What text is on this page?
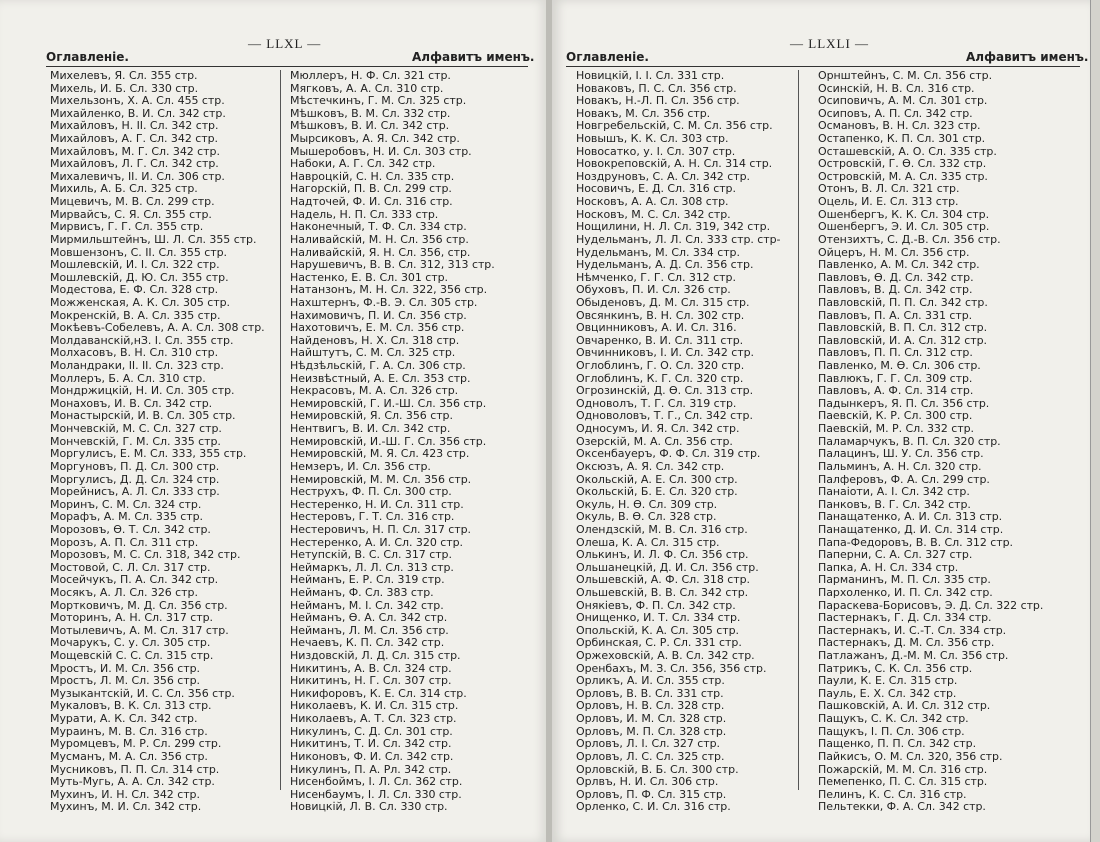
— LLXL —
Оглавленіе.	Алфавитъ именъ.
Михелевъ, Я. Сл. 355 стр.
Михель, И. Б. Сл. 330 стр.
Михельзонъ, Х. А. Сл. 455 стр.
Михайленко, В. И. Сл. 342 стр.
Михайловъ, Н. II. Сл. 342 стр.
Михайловъ, А. Г. Сл. 342 стр.
Михайловъ, М. Г. Сл. 342 стр.
Михайловъ, Л. Г. Сл. 342 стр.
Михалевичъ, II. И. Сл. 306 стр.
Михиль, А. Б. Сл. 325 стр.
Мицевичъ, М. В. Сл. 299 стр.
Мирвайсъ, С. Я. Сл. 355 стр.
Мирвисъ, Г. Г. Сл. 355 стр.
Мирмильштейнъ, Ш. Л. Сл. 355 стр.
Мовшензонъ, С. II. Сл. 355 стр.
Мошлевскій, И. І. Сл. 322 стр.
Мошлевскій, Д. Ю. Сл. 355 стр.
Модестова, Е. Ф. Сл. 328 стр.
Можженская, А. К. Сл. 305 стр.
Мокренскій, В. А. Сл. 335 стр.
Мокѣевъ-Собелевъ, А. А. Сл. 308 стр.
Молдаванскій,нЗ. І. Сл. 355 стр.
Молхасовъ, В. Н. Сл. 310 стр.
Моландраки, II. II. Сл. 323 стр.
Моллеръ, Б. А. Сл. 310 стр.
Мондржицкій, Н. И. Сл. 305 стр.
Монаховъ, И. В. Сл. 342 стр.
Монастырскій, И. В. Сл. 305 стр.
Мончевскій, М. С. Сл. 327 стр.
Мончевскій, Г. М. Сл. 335 стр.
Моргулисъ, Е. М. Сл. 333, 355 стр.
Моргуновъ, П. Д. Сл. 300 стр.
Моргулисъ, Д. Д. Сл. 324 стр.
Морейнисъ, А. Л. Сл. 333 стр.
Моринъ, С. М. Сл. 324 стр.
Морафъ, А. М. Сл. 335 стр.
Морозовъ, Ѳ. Т. Сл. 342 стр.
Морозъ, А. П. Сл. 311 стр.
Морозовъ, М. С. Сл. 318, 342 стр.
Мостовой, С. Л. Сл. 317 стр.
Мосейчукъ, П. А. Сл. 342 стр.
Мосякъ, А. Л. Сл. 326 стр.
Мортковичъ, М. Д. Сл. 356 стр.
Моторинъ, А. Н. Сл. 317 стр.
Мотылевичъ, А. М. Сл. 317 стр.
Мочарукъ, С. у. Сл. 305 стр.
Мощевскій С. С. Сл. 315 стр.
Мростъ, И. М. Сл. 356 стр.
Мростъ, Л. М. Сл. 356 стр.
Музыкантскій, И. С. Сл. 356 стр.
Мукаловъ, В. К. Сл. 313 стр.
Мурати, А. К. Сл. 342 стр.
Мураинъ, М. В. Сл. 316 стр.
Муромцевъ, М. Р. Сл. 299 стр.
Мусманъ, М. А. Сл. 356 стр.
Мусниковъ, П. П. Сл. 314 стр.
Муть-Мугь, А. А. Сл. 342 стр.
Мухинъ, И. Н. Сл. 342 стр.
Мухинъ, М. И. Сл. 342 стр.
Мюллеръ, Н. Ф. Сл. 321 стр.
Мягковъ, А. А. Сл. 310 стр.
Мѣстечкинъ, Г. М. Сл. 325 стр.
Мѣшковъ, В. М. Сл. 332 стр.
Мѣшковъ, В. И. Сл. 342 стр.
Мырсиковъ, А. Я. Сл. 342 стр.
Мышеробовъ, Н. И. Сл. 303 стр.
Набоки, А. Г. Сл. 342 стр.
Навроцкій, С. Н. Сл. 335 стр.
Нагорскій, П. В. Сл. 299 стр.
Надточей, Ф. И. Сл. 316 стр.
Надель, Н. П. Сл. 333 стр.
Наконечный, Т. Ф. Сл. 334 стр.
Наливайскій, М. Н. Сл. 356 стр.
Наливайскій, Я. Н. Сл. 356, стр.
Нарушевичъ, В. В. Сл. 312, 313 стр.
Настенко, Е. В. Сл. 301 стр.
Натанзонъ, М. Н. Сл. 322, 356 стр.
Нахштернъ, Ф.-В. Э. Сл. 305 стр.
Нахимовичъ, П. И. Сл. 356 стр.
Нахотовичъ, Е. М. Сл. 356 стр.
Найденовъ, Н. Х. Сл. 318 стр.
Найштутъ, С. М. Сл. 325 стр.
Нѣдзѣльскій, Г. А. Сл. 306 стр.
Неизвѣстный, А. Е. Сл. 353 стр.
Некрасовъ, М. А. Сл. 326 стр.
Немировскій, Г. И.-Ш. Сл. 356 стр.
Немировскій, Я. Сл. 356 стр.
Нентвигъ, В. И. Сл. 342 стр.
Немировскій, И.-Ш. Г. Сл. 356 стр.
Немировскій, М. Я. Сл. 423 стр.
Немзеръ, И. Сл. 356 стр.
Немировскій, М. М. Сл. 356 стр.
Неструхъ, Ф. П. Сл. 300 стр.
Нестеренко, Н. И. Сл. 311 стр.
Нестеровъ, Г. Т. Сл. 316 стр.
Нестеровичъ, Н. П. Сл. 317 стр.
Нестеренко, А. И. Сл. 320 стр.
Нетупскій, В. С. Сл. 317 стр.
Неймаркъ, Л. Л. Сл. 313 стр.
Нейманъ, Е. Р. Сл. 319 стр.
Нейманъ, Ф. Сл. 383 стр.
Нейманъ, М. І. Сл. 342 стр.
Нейманъ, Ѳ. А. Сл. 342 стр.
Нейманъ, Л. М. Сл. 356 стр.
Нечаевъ, К. П. Сл. 342 стр.
Низдовскій, Л. Д. Сл. 315 стр.
Никитинъ, А. В. Сл. 324 стр.
Никитинъ, Н. Г. Сл. 307 стр.
Никифоровъ, К. Е. Сл. 314 стр.
Николаевъ, К. И. Сл. 315 стр.
Николаевъ, А. Т. Сл. 323 стр.
Никулинъ, С. Д. Сл. 301 стр.
Никитинъ, Т. И. Сл. 342 стр.
Никоновъ, Ф. И. Сл. 342 стр.
Никулинъ, П. А. Рл. 342 стр.
Нисенбоймъ, І. Л. Сл. 362 стр.
Нисенбаумъ, І. Л. Сл. 330 стр.
Новицкій, Л. В. Сл. 330 стр.
— LLXLI —
Оглавленіе.	Алфавитъ именъ.
Новицкій, І. І. Сл. 331 стр.
Новаковъ, П. С. Сл. 356 стр.
Новакъ, Н.-Л. П. Сл. 356 стр.
Новакъ, М. Сл. 356 стр.
Новгребельскій, С. М. Сл. 356 стр.
Новышъ, К. К. Сл. 303 стр.
Новосатко, у. І. Сл. 307 стр.
Новокреповскій, А. Н. Сл. 314 стр.
Ноздруновъ, С. А. Сл. 342 стр.
Носовичъ, Е. Д. Сл. 316 стр.
Носковъ, А. А. Сл. 308 стр.
Носковъ, М. С. Сл. 342 стр.
Нощилини, Н. Л. Сл. 319, 342 стр.
Нудельманъ, Л. Л. Сл. 333 стр. стр-
Нудельманъ, М. Сл. 334 стр.
Нудельманъ, А. Д. Сл. 356 стр.
Нѣмченко, Г. Г. Сл. 312 стр.
Обуховъ, П. И. Сл. 326 стр.
Обыденовъ, Д. М. Сл. 315 стр.
Овсянкинъ, В. Н. Сл. 302 стр.
Овцинниковъ, А. И. Сл. 316.
Овчаренко, В. И. Сл. 311 стр.
Овчинниковъ, І. И. Сл. 342 стр.
Оглоблинъ, Г. О. Сл. 320 стр.
Оглоблинъ, К. Г. Сл. 320 стр.
Огрозинскій, Д. Ѳ. Сл. 313 стр.
Одноволъ, Т. Г. Сл. 319 стр.
Одноволовъ, Т. Г., Сл. 342 стр.
Односумъ, И. Я. Сл. 342 стр.
Озерскій, М. А. Сл. 356 стр.
Оксенбауеръ, Ф. Ф. Сл. 319 стр.
Оксюзъ, А. Я. Сл. 342 стр.
Окольскій, А. Е. Сл. 300 стр.
Окольскій, Б. Е. Сл. 320 стр.
Окуль, Н. Ѳ. Сл. 309 стр.
Окуль, В. Ѳ. Сл. 328 стр.
Олендзскій, М. В. Сл. 316 стр.
Олеша, К. А. Сл. 315 стр.
Олькинъ, И. Л. Ф. Сл. 356 стр.
Ольшанецкій, Д. И. Сл. 356 стр.
Ольшевскій, А. Ф. Сл. 318 стр.
Ольшевскій, В. В. Сл. 342 стр.
Онякіевъ, Ф. П. Сл. 342 стр.
Онищенко, И. Т. Сл. 334 стр.
Опольскій, К. А. Сл. 305 стр.
Орбинская, С. Р. Сл. 331 стр.
Оржеховскій, А. В. Сл. 342 стр.
Оренбахъ, М. З. Сл. 356, 356 стр.
Орликъ, А. И. Сл. 355 стр.
Орловъ, В. В. Сл. 331 стр.
Орловъ, Н. В. Сл. 328 стр.
Орловъ, И. М. Сл. 328 стр.
Орловъ, М. П. Сл. 328 стр.
Орловъ, Л. І. Сл. 327 стр.
Орловъ, Л. С. Сл. 325 стр.
Орловскій, В. Б. Сл. 300 стр.
Орлвъ, Н. И. Сл. 306 стр.
Орловъ, П. Ф. Сл. 315 стр.
Орленко, С. И. Сл. 316 стр.
Орнштейнъ, С. М. Сл. 356 стр.
Осинскій, Н. В. Сл. 316 стр.
Осиповичъ, А. М. Сл. 301 стр.
Осиповъ, А. П. Сл. 342 стр.
Османовъ, В. Н. Сл. 323 стр.
Остапенко, К. П. Сл. 301 стр.
Осташевскій, А. О. Сл. 335 стр.
Островскій, Г. Ѳ. Сл. 332 стр.
Островскій, М. А. Сл. 335 стр.
Отонъ, В. Л. Сл. 321 стр.
Оцель, И. Е. Сл. 313 стр.
Ошенбергъ, К. К. Сл. 304 стр.
Ошенбергъ, Э. И. Сл. 305 стр.
Отензихтъ, С. Д.-В. Сл. 356 стр.
Ойцеръ, Н. М. Сл. 356 стр.
Павленко, А. М. Сл. 342 стр.
Павловъ, Ѳ. Д. Сл. 342 стр.
Павловъ, В. Д. Сл. 342 стр.
Павловскій, П. П. Сл. 342 стр.
Павловъ, П. А. Сл. 331 стр.
Павловскій, В. П. Сл. 312 стр.
Павловскій, И. А. Сл. 312 стр.
Павловъ, П. П. Сл. 312 стр.
Павленко, М. Ѳ. Сл. 306 стр.
Павлюкъ, Г. Г. Сл. 309 стр.
Павловъ, А. Ф. Сл. 314 стр.
Падынкеръ, Я. П. Сл. 356 стр.
Паевскій, К. Р. Сл. 300 стр.
Паевскій, М. Р. Сл. 332 стр.
Паламарчукъ, В. П. Сл. 320 стр.
Палацинъ, Ш. У. Сл. 356 стр.
Пальминъ, А. Н. Сл. 320 стр.
Палферовъ, Ф. А. Сл. 299 стр.
Панаіоти, А. І. Сл. 342 стр.
Панковъ, В. Г. Сл. 342 стр.
Панащатенко, А. И. Сл. 313 стр.
Панащатенко, Д. И. Сл. 314 стр.
Папа-Федоровъ, В. В. Сл. 312 стр.
Паперни, С. А. Сл. 327 стр.
Папка, А. Н. Сл. 334 стр.
Парманинъ, М. П. Сл. 335 стр.
Пархоленко, И. П. Сл. 342 стр.
Параскева-Борисовъ, Э. Д. Сл. 322 стр.
Пастернакъ, Г. Д. Сл. 334 стр.
Пастернакъ, И. С.-Т. Сл. 334 стр.
Пастернакъ, Д. М. Сл. 356 стр.
Патлажанъ, Д.-М. М. Сл. 356 стр.
Патрикъ, С. К. Сл. 356 стр.
Паули, К. Е. Сл. 315 стр.
Пауль, Е. Х. Сл. 342 стр.
Пашковскій, А. И. Сл. 312 стр.
Пащукъ, С. К. Сл. 342 стр.
Пащукъ, І. П. Сл. 306 стр.
Пащенко, П. П. Сл. 342 стр.
Пайкисъ, О. М. Сл. 320, 356 стр.
Пожарскій, М. М. Сл. 316 стр.
Пемепенко, П. С. Сл. 315 стр.
Пелинъ, К. С. Сл. 316 стр.
Пельтекки, Ф. А. Сл. 342 стр.
